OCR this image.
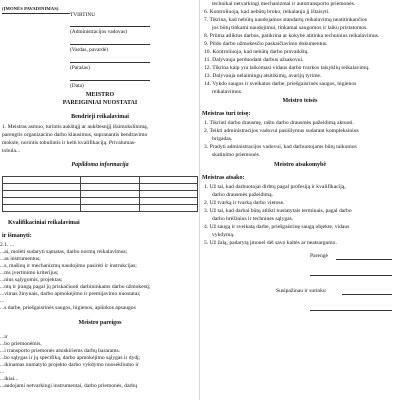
(ĮMONĖS PAVADINIMAS)
TVIRTINU
(Administracijos vadovas)
(Vardas, pavardė)
(Parašas)
(Data)
MEISTRO
PAREIGINIAI NUOSTATAI
Bendrieji reikalavimai
1. Meistras asmuo, turintis aukštąjį ar aukštesnįjį išsimokslinimą,
parengtis organizacino darbo klausimus, supranantis bendravimo
moksle, norintis tobulintis ir kelti kvalifikaciją. Privalumas-
tobula...
Papildoma informacija

Kvalifikaciniai reikalavimai
ir išmanyti:
2.1. ...
...ai, molėti sudaryti sąmatas, darbo normų reikalavimus;
...as instrumentus;
...s, mašinų ir mechanizmų naudojimo pasirėti ir instrukcijas;
...ms įvertinimo kriterijus;
...nius sąlygomis, projektas;
...ntų ir įrangą pagal jų priskačiuoti darbininkams darbo užmokestį;
...vimas žinynais, darbo apmokėjimo ir premijavimo nuostatai;
...
...s darbe, priešgaisrinės saugos, higienos, aplinkos apsaugos
Meistro pareigos
...ir
...bo priemonėmis,
...i transporto priemonės atsiskiriems darbų bararams.
...bo sąlygas ir jų specifiką, darbo apmokėjimo sąlygas ir dydį;
...ikinamas numatyto projekto darbo vykdymo nuosekliumo ir
...
...ikiai...
...audojami netvarkingi instrumentai, darbo priemonės, darbų
technikai netvarkingi mechanizmai ir autotransporto priemonės.
6. Kontroliuoja, kad nebūtų broko, reikalauja jį ištaisyti.
7. Tikrina, kad nebūtų naudojamos standartų reikalavimų neatitinkančios
jos būtų tinkami naudojimui, tinkamai saugomos ir laiku pristatomos.
8. Priima atliktus darbus, patikrina ar kokybė atitinka techninius reikalavimus.
9. Pildo darbo užmokesčio paskaičiavimo dokumentus.
10. Kontroliuoja, kad nebūtų darbo pravaikštų.
11. Dalyvauja perduodant darbus užsakovui.
12. Tikrina kaip yra laikomasi vidaus darbo tvarkos taisyklių reikalavimų.
13. Dalyvauja nelaimingų atsitikimų, avarijų tyrime.
14. Vykdo saugos ir sveikatos darbe, priešgaisrinės saugos, higienos
reikalavimus.
Meistro teisės
Meistras turi teisę:
1. Tikrinti darbo drausmę, raštu darbo drausmės pažeidimą aktuoti.
2. Teikti administracijos vadovui pasiūlymus sudarant kompleksinius
brigadas.
3. Pradyti administracijos vadovui, kad darbuotojams būtų taikomos
skatinimo priemonės.
Meistro atsakomybė
Meistras atsako:
1. Už tai, kad darbuotojai dirbtų pagal profesiją ir kvalifikaciją,
darbo drausmės pažeidimą.
2. Už tvarką ir tvarką darbo vietose.
3. Už tai, kad darbai būtų atlikti nustatytais terminais, pagal darbo
darbo brėžinius ir technines sąlygas.
4. Už saugą ir sveikatą darbe, priešgaisrinę saugą objekte, vidaus
vykdymą.
5. Už žalą, padarytą įmonei dėl savo kaltės ar neatsargumo.
Parengė
Susipažinau ir sutinku
